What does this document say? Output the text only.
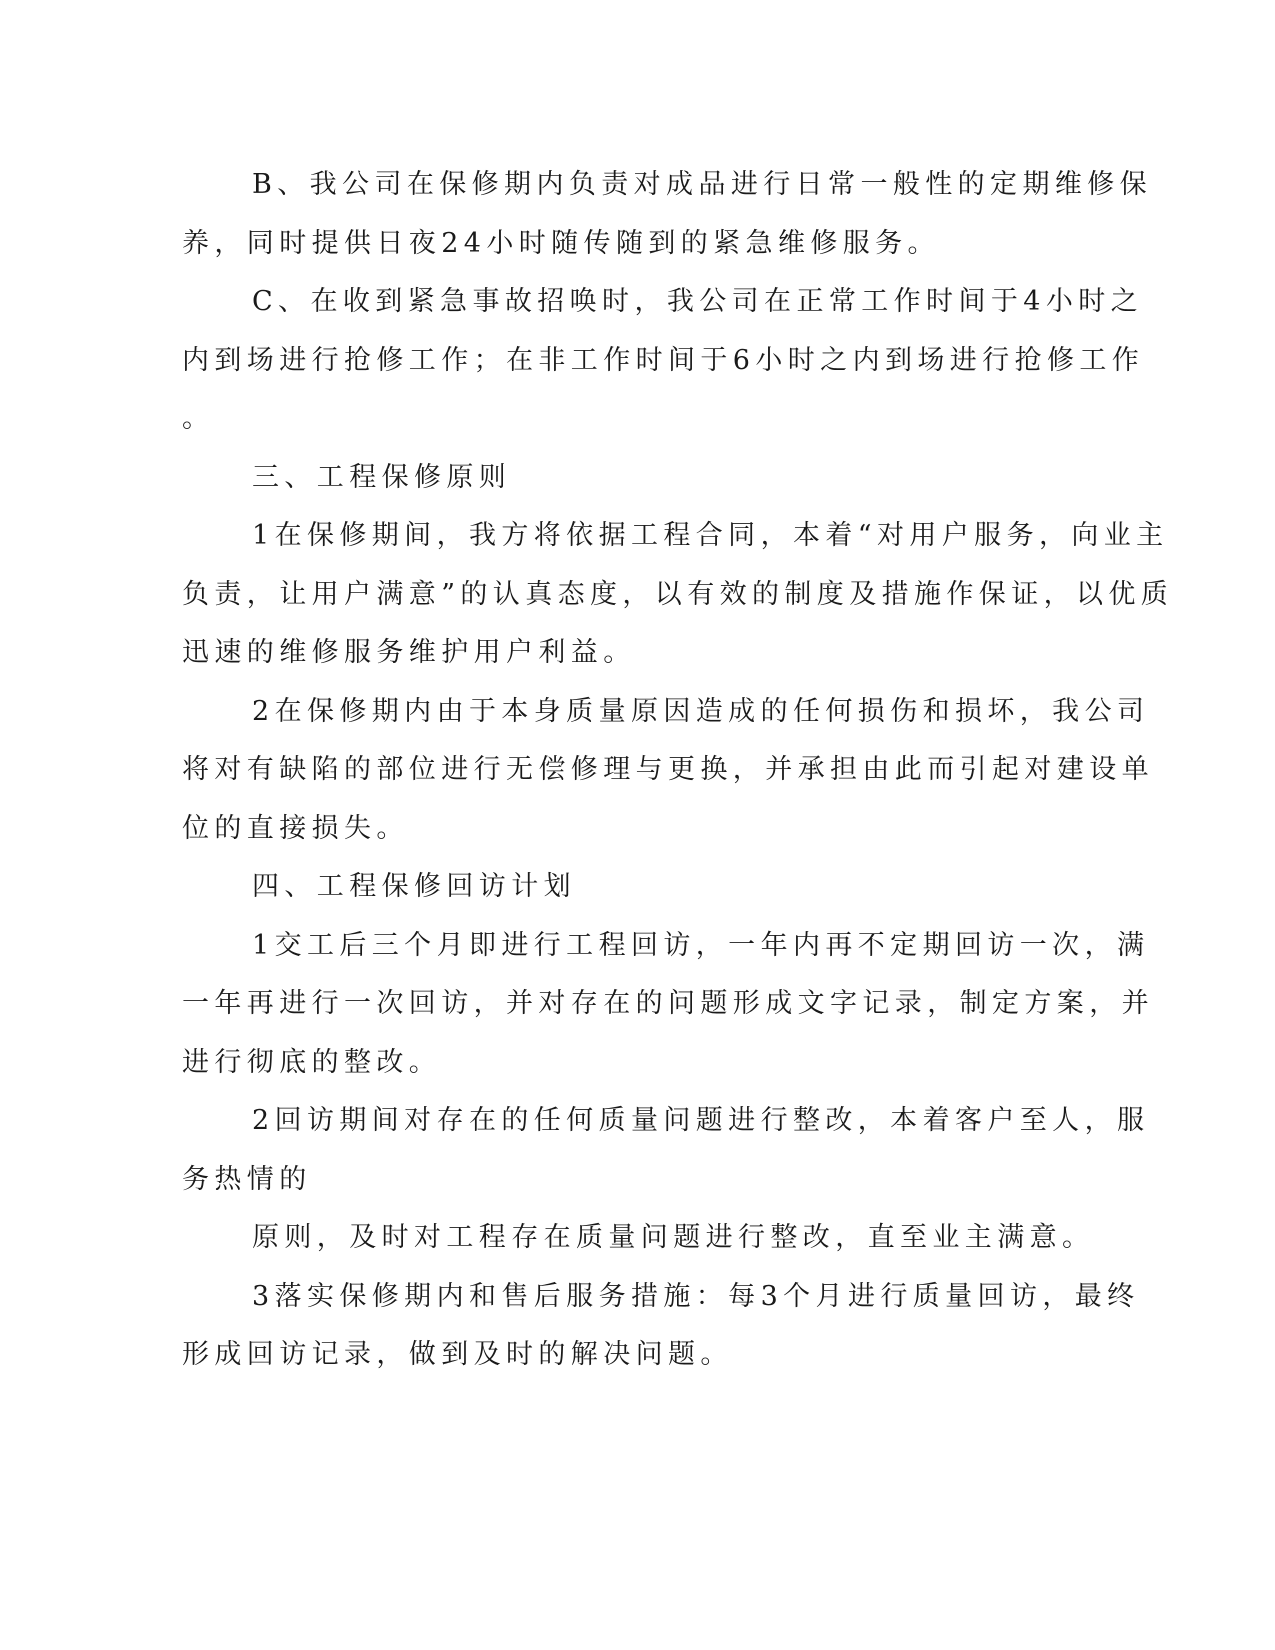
B、我公司在保修期内负责对成品进行日常一般性的定期维修保
养，同时提供日夜24小时随传随到的紧急维修服务。
C、在收到紧急事故招唤时，我公司在正常工作时间于4小时之
内到场进行抢修工作；在非工作时间于6小时之内到场进行抢修工作
。
三、工程保修原则
1在保修期间，我方将依据工程合同，本着“对用户服务，向业主
负责，让用户满意”的认真态度，以有效的制度及措施作保证，以优质
迅速的维修服务维护用户利益。
2在保修期内由于本身质量原因造成的任何损伤和损坏，我公司
将对有缺陷的部位进行无偿修理与更换，并承担由此而引起对建设单
位的直接损失。
四、工程保修回访计划
1交工后三个月即进行工程回访，一年内再不定期回访一次，满
一年再进行一次回访，并对存在的问题形成文字记录，制定方案，并
进行彻底的整改。
2回访期间对存在的任何质量问题进行整改，本着客户至人，服
务热情的
原则，及时对工程存在质量问题进行整改，直至业主满意。
3落实保修期内和售后服务措施：每3个月进行质量回访，最终
形成回访记录，做到及时的解决问题。
